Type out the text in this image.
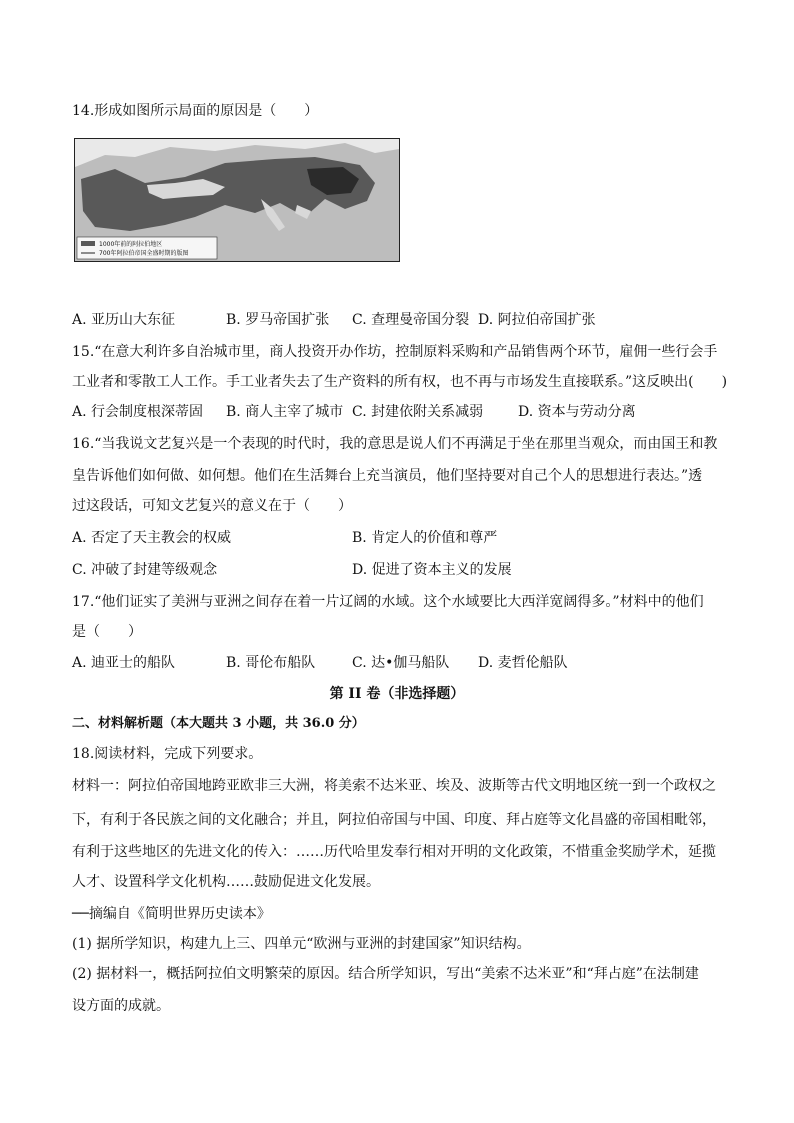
14.形成如图所示局面的原因是（　　）
1000年前的阿拉伯地区
700年阿拉伯帝国全盛时期的版图
A. 亚历山大东征	B. 罗马帝国扩张 C. 查理曼帝国分裂 D. 阿拉伯帝国扩张
15.“在意大利许多自治城市里，商人投资开办作坊，控制原料采购和产品销售两个环节，雇佣一些行会手
工业者和零散工人工作。手工业者失去了生产资料的所有权，也不再与市场发生直接联系。”这反映出(　　)
A. 行会制度根深蒂固 B. 商人主宰了城市 C. 封建依附关系减弱 D. 资本与劳动分离
16.“当我说文艺复兴是一个表现的时代时，我的意思是说人们不再满足于坐在那里当观众，而由国王和教
皇告诉他们如何做、如何想。他们在生活舞台上充当演员，他们坚持要对自己个人的思想进行表达。”透
过这段话，可知文艺复兴的意义在于（　　）
A. 否定了天主教会的权威	B. 肯定人的价值和尊严
C. 冲破了封建等级观念	D. 促进了资本主义的发展
17.“他们证实了美洲与亚洲之间存在着一片辽阔的水域。这个水域要比大西洋宽阔得多。”材料中的他们
是（　　）
A. 迪亚士的船队	B. 哥伦布船队	C. 达•伽马船队 D. 麦哲伦船队
第 II 卷（非选择题）
二、材料解析题（本大题共 3 小题，共 36.0 分）
18.阅读材料，完成下列要求。
材料一：阿拉伯帝国地跨亚欧非三大洲，将美索不达米亚、埃及、波斯等古代文明地区统一到一个政权之
下，有利于各民族之间的文化融合；并且，阿拉伯帝国与中国、印度、拜占庭等文化昌盛的帝国相毗邻，
有利于这些地区的先进文化的传入：……历代哈里发奉行相对开明的文化政策，不惜重金奖励学术，延揽
人才、设置科学文化机构……鼓励促进文化发展。
──摘编自《简明世界历史读本》
(1) 据所学知识，构建九上三、四单元“欧洲与亚洲的封建国家”知识结构。
(2) 据材料一，概括阿拉伯文明繁荣的原因。结合所学知识，写出“美索不达米亚”和“拜占庭”在法制建
设方面的成就。
